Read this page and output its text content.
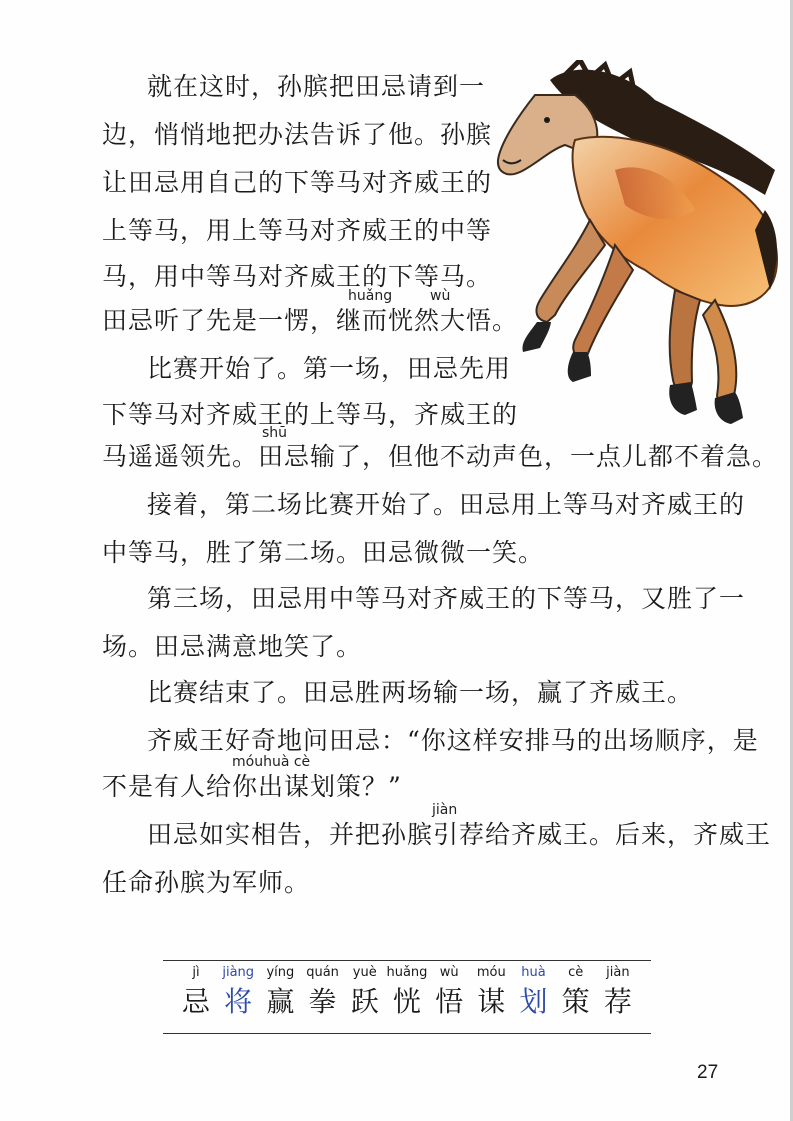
就在这时，孙膑把田忌请到一
边，悄悄地把办法告诉了他。孙膑
让田忌用自己的下等马对齐威王的
上等马，用上等马对齐威王的中等
马，用中等马对齐威王的下等马。
huǎng	wù
田忌听了先是一愣，继而恍然大悟。
比赛开始了。第一场，田忌先用
下等马对齐威王的上等马，齐威王的
shū
马遥遥领先。田忌输了，但他不动声色，一点儿都不着急。
接着，第二场比赛开始了。田忌用上等马对齐威王的
中等马，胜了第二场。田忌微微一笑。
第三场，田忌用中等马对齐威王的下等马，又胜了一
场。田忌满意地笑了。
比赛结束了。田忌胜两场输一场，赢了齐威王。
齐威王好奇地问田忌：“你这样安排马的出场顺序，是
móuhuà cè
不是有人给你出谋划策？”
jiàn
田忌如实相告，并把孙膑引荐给齐威王。后来，齐威王
任命孙膑为军师。
jì
忌
jiàng
将
yíng
赢
quán
拳
yuè
跃
huǎng
恍
wù
悟
móu
谋
huà
划
cè
策
jiàn
荐
27
